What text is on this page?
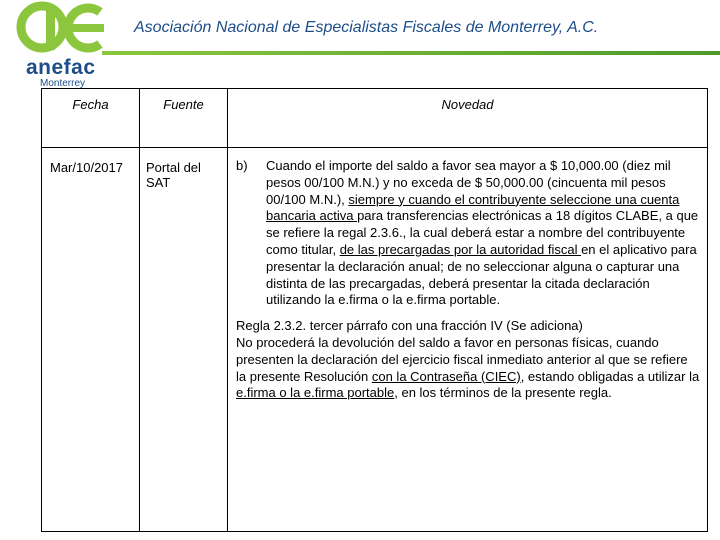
anefac
Monterrey
Asociación Nacional de Especialistas Fiscales de Monterrey, A.C.
Fecha	Fuente	Novedad

Mar/10/2017	Portal del SAT	b) Cuando el importe del saldo a favor sea mayor a $ 10,000.00 (diez mil pesos 00/100 M.N.) y no exceda de $ 50,000.00 (cincuenta mil pesos 00/100 M.N.), siempre y cuando el contribuyente seleccione una cuenta bancaria activa para transferencias electrónicas a 18 dígitos CLABE, a que se refiere la regal 2.3.6., la cual deberá estar a nombre del contribuyente como titular, de las precargadas por la autoridad fiscal en el aplicativo para presentar la declaración anual; de no seleccionar alguna o capturar una distinta de las precargadas, deberá presentar la citada declaración utilizando la e.firma o la e.firma portable.
Regla 2.3.2. tercer párrafo con una fracción IV (Se adiciona)
No procederá la devolución del saldo a favor en personas físicas, cuando presenten la declaración del ejercicio fiscal inmediato anterior al que se refiere la presente Resolución con la Contraseña (CIEC), estando obligadas a utilizar la e.firma o la e.firma portable, en los términos de la presente regla.
